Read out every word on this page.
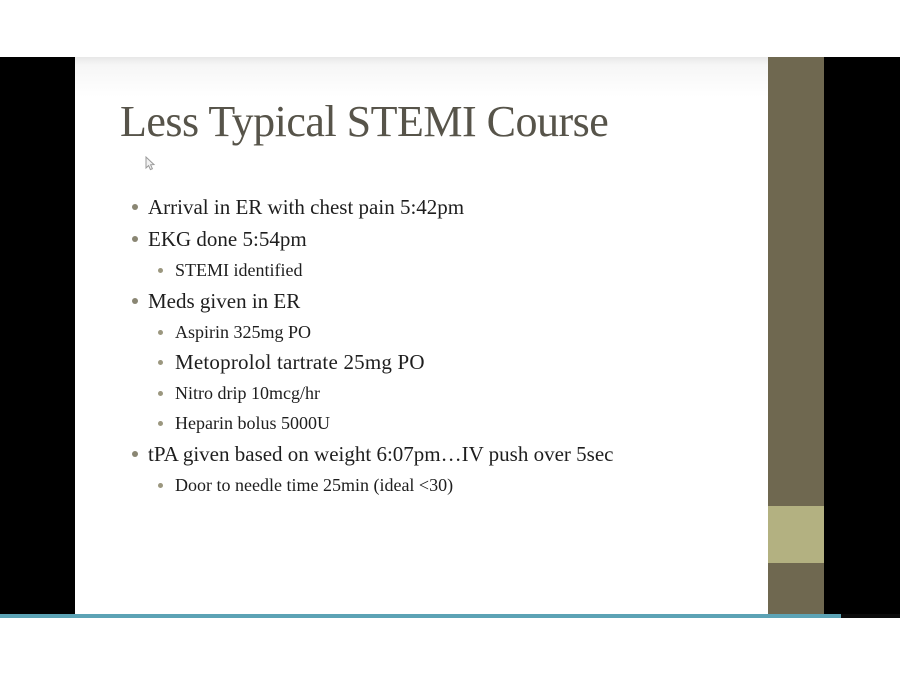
Less Typical STEMI Course
Arrival in ER with chest pain 5:42pm
EKG done 5:54pm
STEMI identified
Meds given in ER
Aspirin 325mg PO
Metoprolol tartrate 25mg PO
Nitro drip 10mcg/hr
Heparin bolus 5000U
tPA given based on weight 6:07pm…IV push over 5sec
Door to needle time 25min (ideal <30)
